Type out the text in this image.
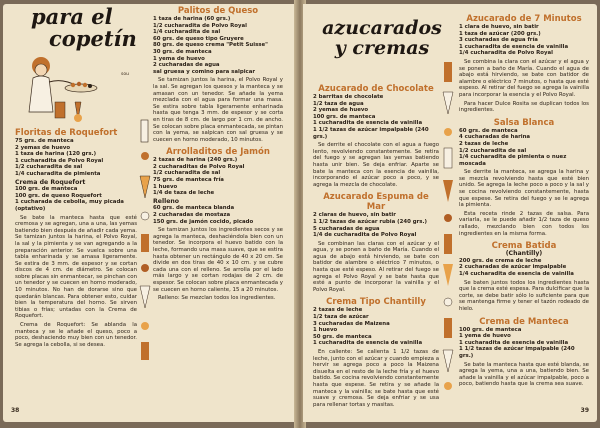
para el
copetín
sou
Floritas de Roquefort
75 grs. de manteca
2 yemas de huevo
1 taza de harina (120 grs.)
1 cucharadita de Polvo Royal
1/2 cucharadita de sal
1/4 cucharadita de pimienta
Crema de Roquefort
100 grs. de manteca
100 grs. de queso Roquefort
1 cucharada de cebolla, muy picada (optativo)
Se bate la manteca hasta que esté cremosa y se agregan, una a una, las yemas batiendo bien después de añadir cada yema. Se tamizan juntos la harina, el Polvo Royal, la sal y la pimienta y se van agregando a la preparación anterior. Se vuelca sobre una tabla enharinada y se amasa ligeramente. Se estira de 3 mm. de espesor y se cortan discos de 4 cm. de diámetro. Se colocan sobre placas sin enmantecar, se pinchan con un tenedor y se cuecen en horno moderado, 10 minutos. No han de dorarse sino que quedarán blancas. Para obtener esto, cuidar bien la temperatura del horno. Se sirven tibias o frías; untadas con la Crema de Roquefort.
Crema de Roquefort: Se ablanda la manteca y se le añade el queso, poco a poco, deshaciendo muy bien con un tenedor. Se agrega la cebolla, si se desea.
Palitos de Queso
1 taza de harina (60 grs.)
1/2 cucharadita de Polvo Royal
1/4 cucharadita de sal
60 grs. de queso tipo Gruyere
80 grs. de queso crema "Petit Suisse"
30 grs. de manteca
1 yema de huevo
2 cucharadas de agua
sal gruesa y comino para salpicar
Se tamizan juntos la harina, el Polvo Royal y la sal. Se agregan los quesos y la manteca y se amasan con un tenedor. Se añade la yema mezclada con el agua para formar una masa. Se estira sobre tabla ligeramente enharinada hasta que tenga 3 mm. de espesor y se corta en tiras de 8 cm. de largo por 1 cm. de ancho. Se colocan sobre placa enmantecada, se pintan con la yema, se salpican con sal gruesa y se cuecen en horno moderado, 10 minutos.
Arrolladitos de Jamón
2 tazas de harina (240 grs.)
2 cucharaditas de Polvo Royal
1/2 cucharadita de sal
75 grs. de manteca fría
1 huevo
1/4 de taza de leche
Relleno
60 grs. de manteca blanda
2 cucharadas de mostaza
150 grs. de jamón cocido, picado
Se tamizan juntos los ingredientes secos y se agrega la manteca, deshaciéndola bien con un tenedor. Se incorpora el huevo batido con la leche, formando una masa suave, que se estira hasta obtener un rectángulo de 40 x 20 cm. Se divide en dos tiras de 40 x 10 cm. y se cubre cada una con el relleno. Se arrolla por el lado más largo y se cortan rodajas de 2 cm. de espesor. Se colocan sobre placa enmantecada y se cuecen en horno caliente, 15 a 20 minutos.
Relleno: Se mezclan todos los ingredientes.
38
azucarados
y cremas
Azucarado de Chocolate
2 barritas de chocolate
1/2 taza de agua
2 yemas de huevo
100 grs. de manteca
1 cucharadita de esencia de vainilla
1 1/2 tazas de azúcar impalpable (240 grs.)
Se derrite el chocolate con el agua a fuego lento, revolviendo constantemente. Se retira del fuego y se agregan las yemas batiendo hasta unir bien. Se deja enfriar. Aparte se bate la manteca con la esencia de vainilla, incorporando el azúcar poco a poco, y se agrega la mezcla de chocolate.
Azucarado Espuma de Mar
2 claras de huevo, sin batir
1 1/2 tazas de azúcar rubia (240 grs.)
5 cucharadas de agua
1/4 de cucharadita de Polvo Royal
Se combinan las claras con el azúcar y el agua, y se ponen a baño de María. Cuando el agua de abajo está hirviendo, se bate con batidor de alambre o eléctrico 7 minutos, o hasta que esté espeso. Al retirar del fuego se agrega el Polvo Royal y se bate hasta que esté a punto de incorporar la vainilla y el Polvo Royal.
Crema Tipo Chantilly
2 tazas de leche
1/2 taza de azúcar
3 cucharadas de Maizena
1 huevo
50 grs. de manteca
1 cucharadita de esencia de vainilla
En caliente: Se calienta 1 1/2 tazas de leche, junto con el azúcar y cuando empieza a hervir se agrega poco a poco la Maizena disuelta en el resto de la leche fría y el huevo batido. Se cocina revolviendo constantemente hasta que espese. Se retira y se añade la manteca y la vainilla; se bate hasta que esté suave y cremosa. Se deja enfriar y se usa para rellenar tortas y masitas.
Azucarado de 7 Minutos
1 clara de huevo, sin batir
1 taza de azúcar (200 grs.)
3 cucharadas de agua fría
1 cucharadita de esencia de vainilla
1/4 cucharadita de Polvo Royal
Se combina la clara con el azúcar y el agua y se ponen a baño de María. Cuando el agua de abajo está hirviendo, se bate con batidor de alambre o eléctrico 7 minutos, o hasta que esté espeso. Al retirar del fuego se agrega la vainilla para incorporar la esencia y el Polvo Royal.
Para hacer Dulce Rosita se duplican todos los ingredientes.
Salsa Blanca
60 grs. de manteca
4 cucharadas de harina
2 tazas de leche
1/2 cucharadita de sal
1/4 cucharadita de pimienta o nuez moscada
Se derrite la manteca, se agrega la harina y se mezcla revolviendo hasta que esté bien unido. Se agrega la leche poco a poco y la sal y se cocina revolviendo constantemente, hasta que espese. Se retira del fuego y se le agrega la pimienta.
Esta receta rinde 2 tazas de salsa. Para variarla, se le puede añadir 1/2 taza de queso rallado, mezclando bien con todos los ingredientes en la misma forma.
Crema Batida
(Chantilly)
200 grs. de crema de leche
2 cucharadas de azúcar impalpable
1/4 cucharadita de esencia de vainilla
Se baten juntos todos los ingredientes hasta que la crema esté espesa. Para dulcificar que la corte, se debe batir sólo lo suficiente para que se mantenga firme y tener el tazón rodeado de hielo.
Crema de Manteca
100 grs. de manteca
1 yema de huevo
1 cucharadita de esencia de vainilla
1 1/2 tazas de azúcar impalpable (240 grs.)
Se bate la manteca hasta que esté blanda, se agrega la yema, una a una, batiendo bien. Se añade la vainilla y el azúcar impalpable, poco a poco, batiendo hasta que la crema sea suave.
39
